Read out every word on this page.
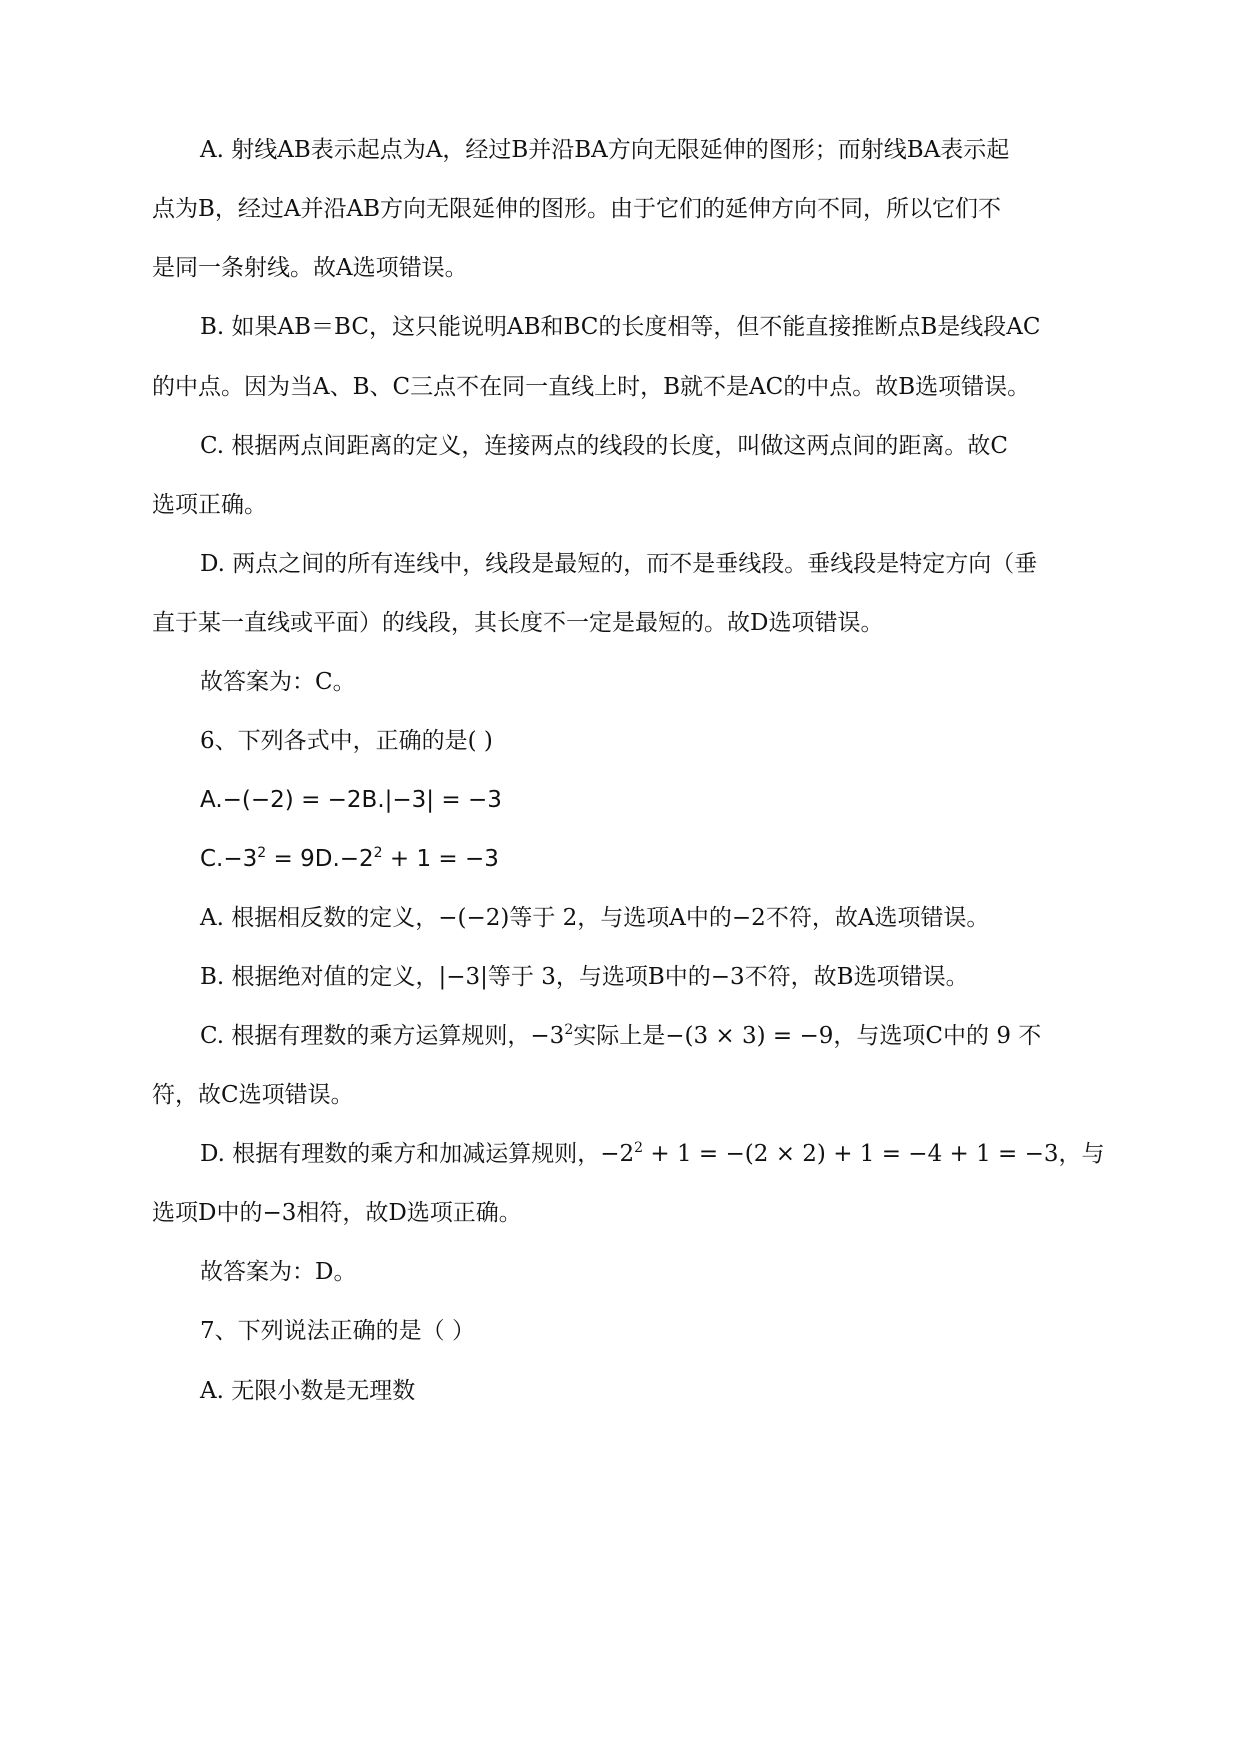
A. 射线AB表示起点为A，经过B并沿BA方向无限延伸的图形；而射线BA表示起
点为B，经过A并沿AB方向无限延伸的图形。由于它们的延伸方向不同，所以它们不
是同一条射线。故A选项错误。
B. 如果AB＝BC，这只能说明AB和BC的长度相等，但不能直接推断点B是线段AC
的中点。因为当A、B、C三点不在同一直线上时，B就不是AC的中点。故B选项错误。
C. 根据两点间距离的定义，连接两点的线段的长度，叫做这两点间的距离。故C
选项正确。
D. 两点之间的所有连线中，线段是最短的，而不是垂线段。垂线段是特定方向（垂
直于某一直线或平面）的线段，其长度不一定是最短的。故D选项错误。
故答案为：C。
6、下列各式中，正确的是( )
A.−(−2) = −2B.|−3| = −3
$C.-3^2 = 9D.-2^2 + 1 = -3$
A. 根据相反数的定义，−(−2)等于 2，与选项A中的−2不符，故A选项错误。
B. 根据绝对值的定义，|−3|等于 3，与选项B中的−3不符，故B选项错误。
C. 根据有理数的乘方运算规则，$-3^2$实际上是−(3 × 3) = −9，与选项C中的 9 不
符，故C选项错误。
D. 根据有理数的乘方和加减运算规则，$-2^2 + 1 = -(2 \times 2) + 1 = -4 + 1 = -3$，与
选项D中的−3相符，故D选项正确。
故答案为：D。
7、下列说法正确的是（ ）
A. 无限小数是无理数
